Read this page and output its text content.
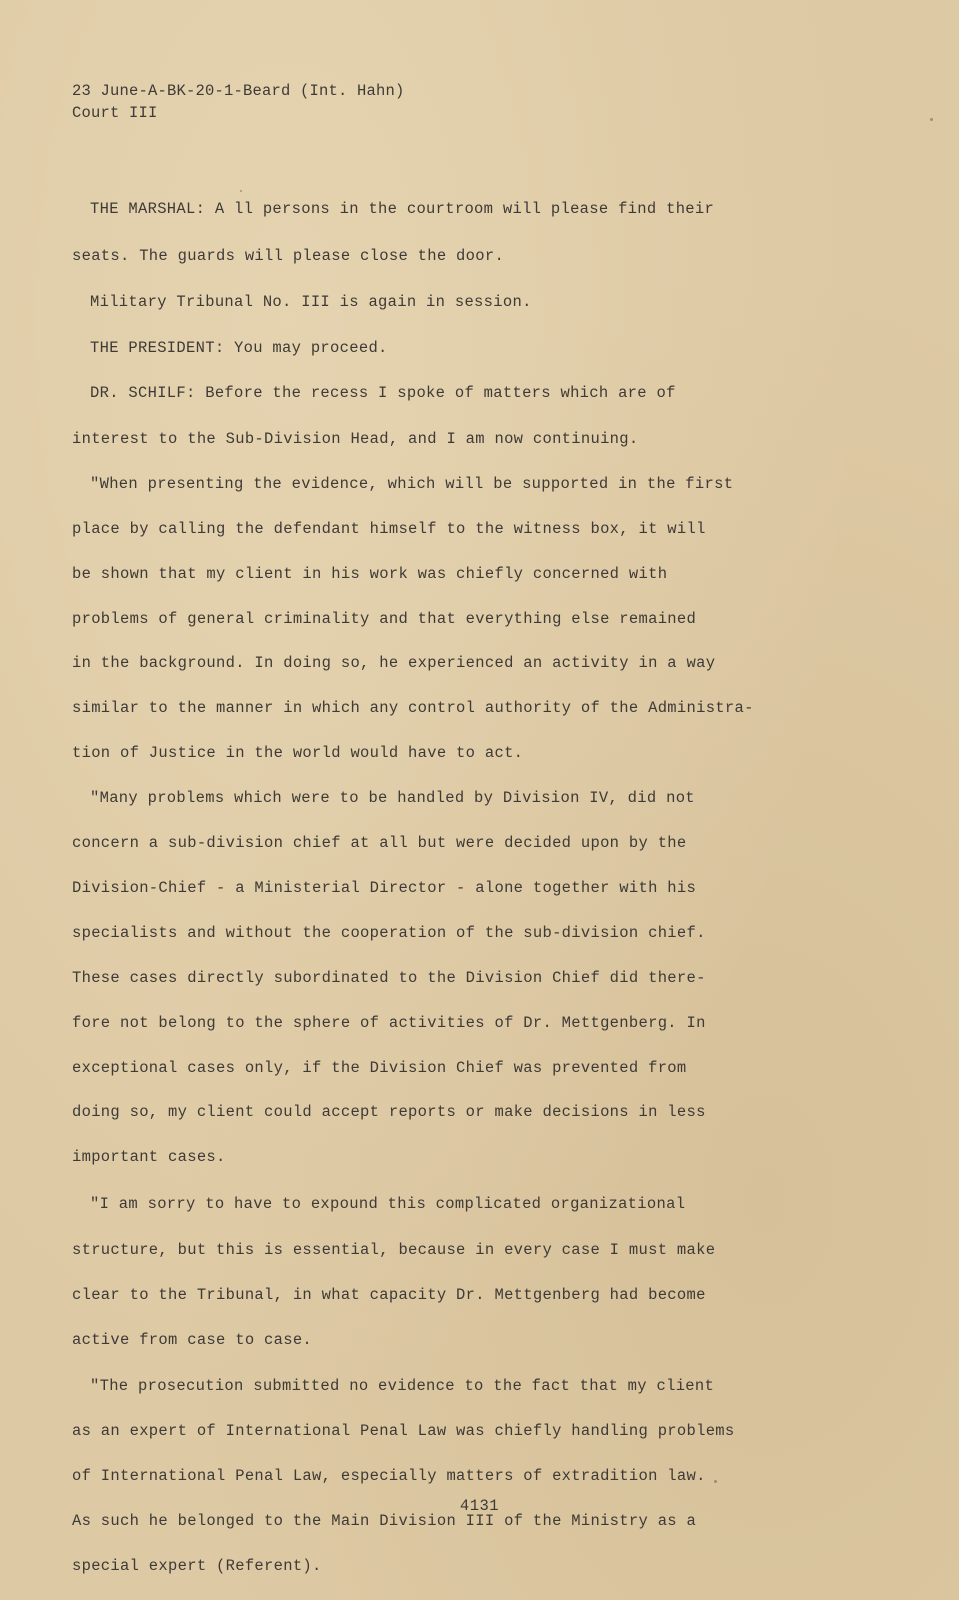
23 June-A-BK-20-1-Beard (Int. Hahn)
Court III
THE MARSHAL: A ll persons in the courtroom will please find their
seats. The guards will please close the door.
Military Tribunal No. III is again in session.
THE PRESIDENT: You may proceed.
DR. SCHILF: Before the recess I spoke of matters which are of
interest to the Sub-Division Head, and I am now continuing.
"When presenting the evidence, which will be supported in the first
place by calling the defendant himself to the witness box, it will
be shown that my client in his work was chiefly concerned with
problems of general criminality and that everything else remained
in the background. In doing so, he experienced an activity in a way
similar to the manner in which any control authority of the Administra-
tion of Justice in the world would have to act.
"Many problems which were to be handled by Division IV, did not
concern a sub-division chief at all but were decided upon by the
Division-Chief - a Ministerial Director - alone together with his
specialists and without the cooperation of the sub-division chief.
These cases directly subordinated to the Division Chief did there-
fore not belong to the sphere of activities of Dr. Mettgenberg. In
exceptional cases only, if the Division Chief was prevented from
doing so, my client could accept reports or make decisions in less
important cases.
"I am sorry to have to expound this complicated organizational
structure, but this is essential, because in every case I must make
clear to the Tribunal, in what capacity Dr. Mettgenberg had become
active from case to case.
"The prosecution submitted no evidence to the fact that my client
as an expert of International Penal Law was chiefly handling problems
of International Penal Law, especially matters of extradition law.
As such he belonged to the Main Division III of the Ministry as a
special expert (Referent).
4131
